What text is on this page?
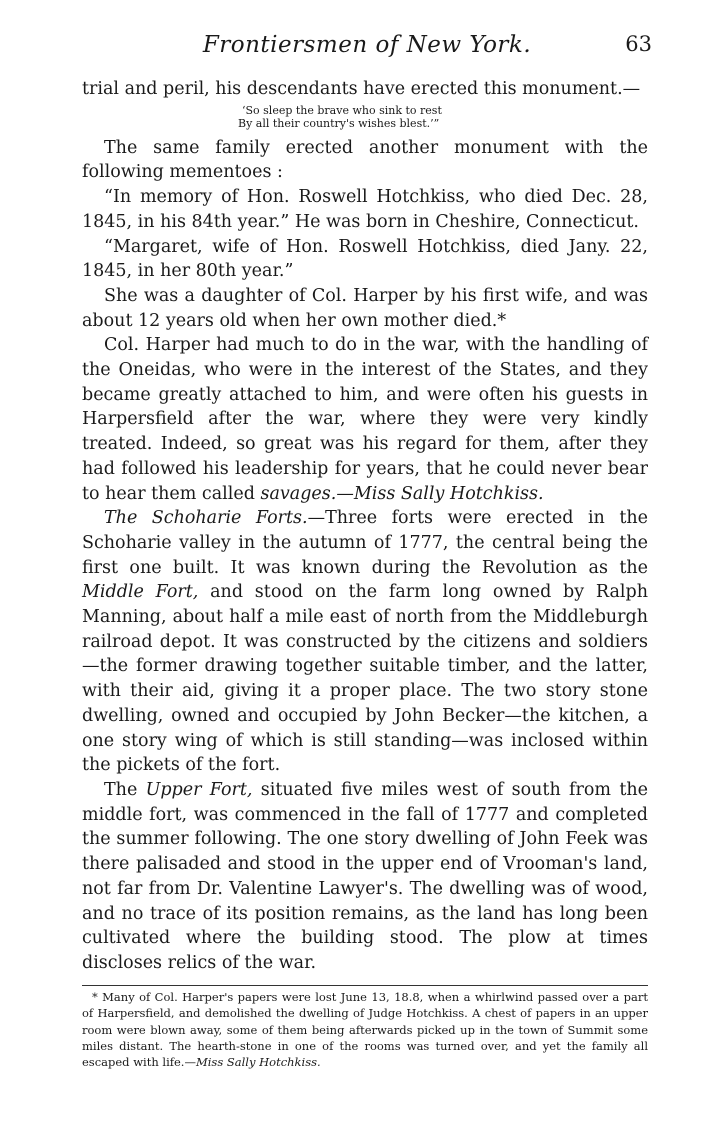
Frontiersmen of New York.	63

trial and peril, his descendants have erected this monument.—

‘So sleep the brave who sink to rest
By all their country's wishes blest.’”

The same family erected another monument with the following mementoes :

“In memory of Hon. Roswell Hotchkiss, who died Dec. 28, 1845, in his 84th year.” He was born in Cheshire, Connecticut.

“Margaret, wife of Hon. Roswell Hotchkiss, died Jany. 22, 1845, in her 80th year.”

She was a daughter of Col. Harper by his first wife, and was about 12 years old when her own mother died.*

Col. Harper had much to do in the war, with the handling of the Oneidas, who were in the interest of the States, and they became greatly attached to him, and were often his guests in Harpersfield after the war, where they were very kindly treated. Indeed, so great was his regard for them, after they had followed his leadership for years, that he could never bear to hear them called savages.—Miss Sally Hotchkiss.

The Schoharie Forts.—Three forts were erected in the Schoharie valley in the autumn of 1777, the central being the first one built. It was known during the Revolution as the Middle Fort, and stood on the farm long owned by Ralph Manning, about half a mile east of north from the Middleburgh railroad depot. It was constructed by the citizens and soldiers—the former drawing together suitable timber, and the latter, with their aid, giving it a proper place. The two story stone dwelling, owned and occupied by John Becker—the kitchen, a one story wing of which is still standing—was inclosed within the pickets of the fort.

The Upper Fort, situated five miles west of south from the middle fort, was commenced in the fall of 1777 and completed the summer following. The one story dwelling of John Feek was there palisaded and stood in the upper end of Vrooman's land, not far from Dr. Valentine Lawyer's. The dwelling was of wood, and no trace of its position remains, as the land has long been cultivated where the building stood. The plow at times discloses relics of the war.

* Many of Col. Harper's papers were lost June 13, 18.8, when a whirlwind passed over a part of Harpersfield, and demolished the dwelling of Judge Hotchkiss. A chest of papers in an upper room were blown away, some of them being afterwards picked up in the town of Summit some miles distant. The hearth-stone in one of the rooms was turned over, and yet the family all escaped with life.—Miss Sally Hotchkiss.
